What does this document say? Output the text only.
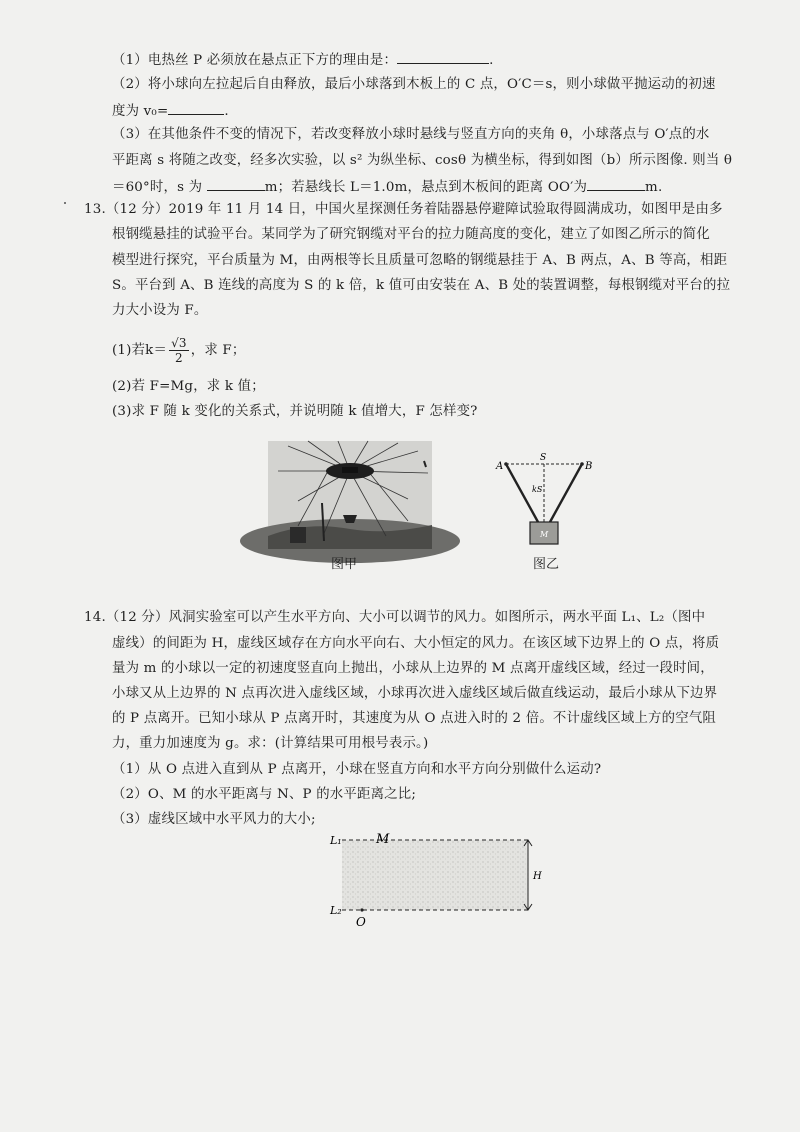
（1）电热丝 P 必须放在悬点正下方的理由是：	.
（2）将小球向左拉起后自由释放，最后小球落到木板上的 C 点，O′C＝s，则小球做平抛运动的初速
度为 v₀=	.
（3）在其他条件不变的情况下，若改变释放小球时悬线与竖直方向的夹角 θ，小球落点与 O′点的水
平距离 s 将随之改变，经多次实验，以 s² 为纵坐标、cosθ 为横坐标，得到如图（b）所示图像. 则当 θ
＝60°时，s 为	m；若悬线长 L＝1.0m，悬点到木板间的距离 OO′为	m.
13.（12 分）2019 年 11 月 14 日，中国火星探测任务着陆器悬停避障试验取得圆满成功，如图甲是由多
根钢缆悬挂的试验平台。某同学为了研究钢缆对平台的拉力随高度的变化，建立了如图乙所示的简化
模型进行探究，平台质量为 M，由两根等长且质量可忽略的钢缆悬挂于 A、B 两点，A、B 等高，相距
S。平台到 A、B 连线的高度为 S 的 k 倍，k 值可由安装在 A、B 处的装置调整，每根钢缆对平台的拉
力大小设为 F。
(1)若$k= \frac{√3}{2}$ ，求 F；
(2)若 F=Mg，求 k 值；
(3)求 F 随 k 变化的关系式，并说明随 k 值增大，F 怎样变?
图甲
A	B
S
kS
M
图乙
14.（12 分）风洞实验室可以产生水平方向、大小可以调节的风力。如图所示，两水平面 L₁、L₂（图中
虚线）的间距为 H，虚线区域存在方向水平向右、大小恒定的风力。在该区域下边界上的 O 点，将质
量为 m 的小球以一定的初速度竖直向上抛出，小球从上边界的 M 点离开虚线区域，经过一段时间，
小球又从上边界的 N 点再次进入虚线区域，小球再次进入虚线区域后做直线运动，最后小球从下边界
的 P 点离开。已知小球从 P 点离开时，其速度为从 O 点进入时的 2 倍。不计虚线区域上方的空气阻
力，重力加速度为 g。求：(计算结果可用根号表示。)
（1）从 O 点进入直到从 P 点离开，小球在竖直方向和水平方向分别做什么运动?
（2）O、M 的水平距离与 N、P 的水平距离之比;
（3）虚线区域中水平风力的大小;
L₁
L₂
M
O
H
